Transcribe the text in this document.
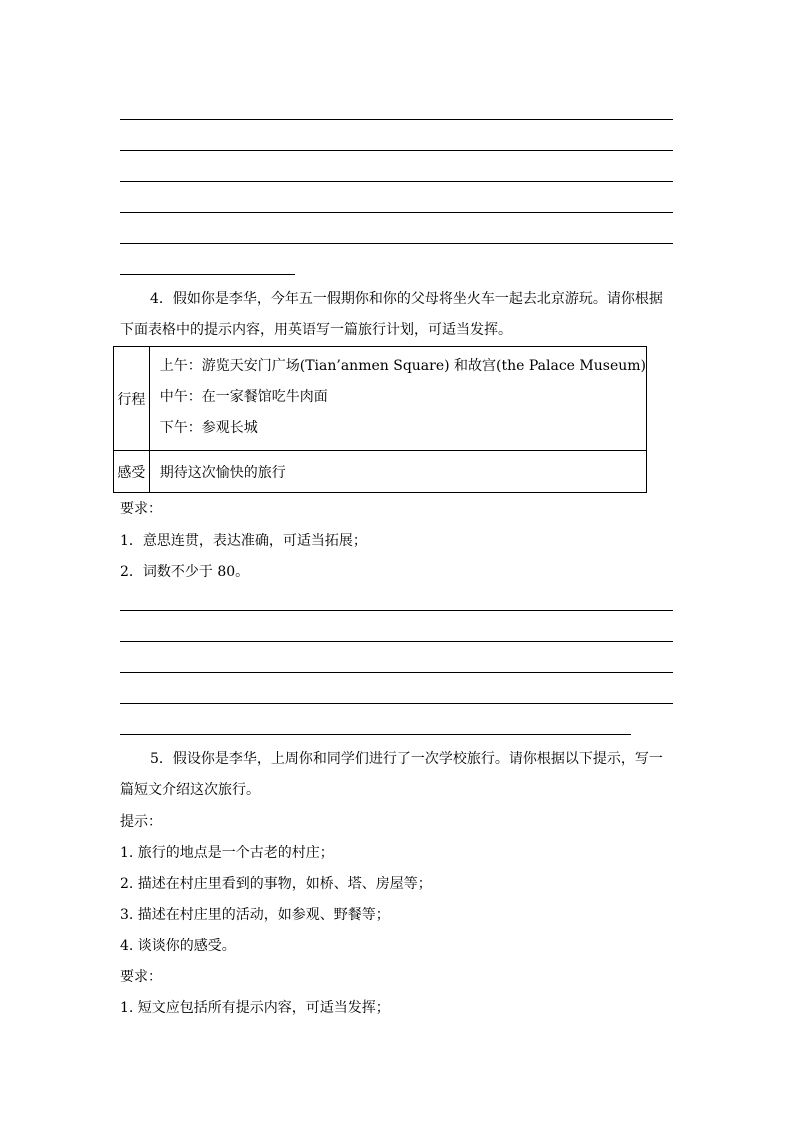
4．假如你是李华，今年五一假期你和你的父母将坐火车一起去北京游玩。请你根据
下面表格中的提示内容，用英语写一篇旅行计划，可适当发挥。
行程	上午：游览天安门广场(Tian’anmen Square) 和故宫(the Palace Museum)
中午：在一家餐馆吃牛肉面
下午：参观长城

感受	期待这次愉快的旅行
要求：
1．意思连贯，表达准确，可适当拓展；
2．词数不少于 80。
5．假设你是李华，上周你和同学们进行了一次学校旅行。请你根据以下提示，写一
篇短文介绍这次旅行。
提示：
1. 旅行的地点是一个古老的村庄；
2. 描述在村庄里看到的事物，如桥、塔、房屋等；
3. 描述在村庄里的活动，如参观、野餐等；
4. 谈谈你的感受。
要求：
1. 短文应包括所有提示内容，可适当发挥；
